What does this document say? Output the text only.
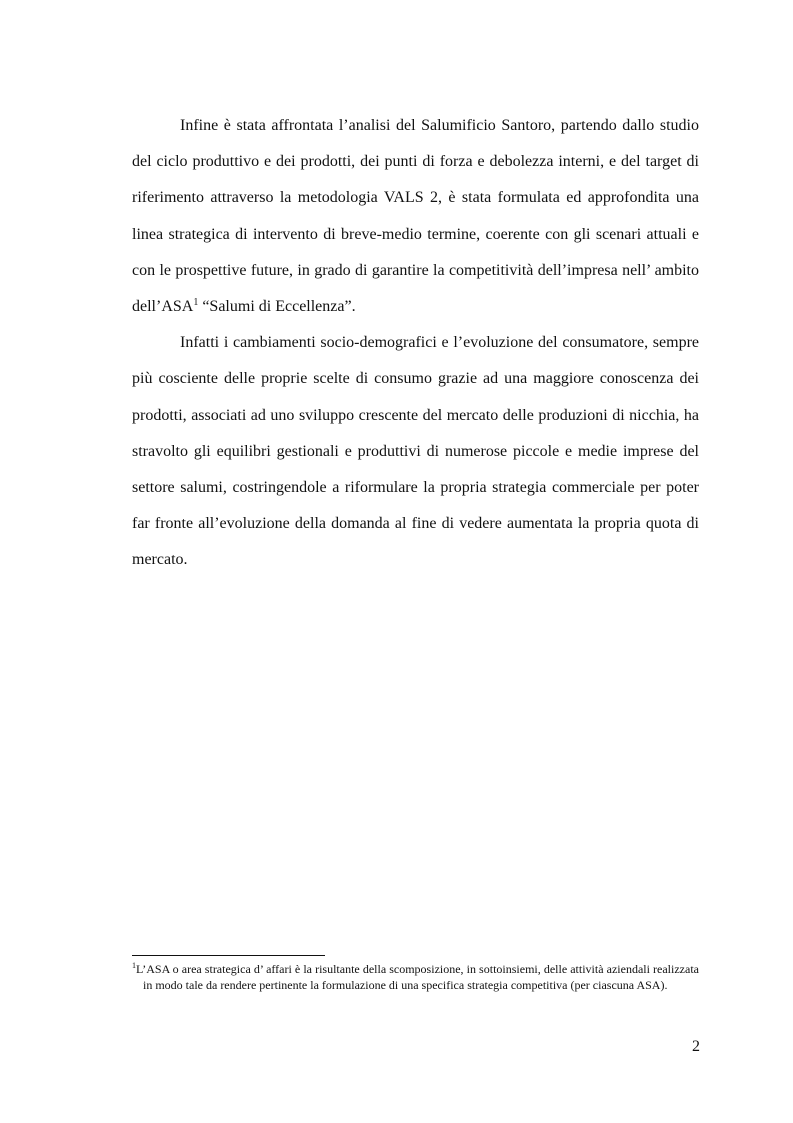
Infine è stata affrontata l’analisi del Salumificio Santoro, partendo dallo studio del ciclo produttivo e dei prodotti, dei punti di forza e debolezza interni, e del target di riferimento attraverso la metodologia VALS 2, è stata formulata ed approfondita una linea strategica di intervento di breve-medio termine, coerente con gli scenari attuali e con le prospettive future, in grado di garantire la competitività dell’impresa nell’ ambito dell’ASA$^1$ “Salumi di Eccellenza”.

Infatti i cambiamenti socio-demografici e l’evoluzione del consumatore, sempre più cosciente delle proprie scelte di consumo grazie ad una maggiore conoscenza dei prodotti, associati ad uno sviluppo crescente del mercato delle produzioni di nicchia, ha stravolto gli equilibri gestionali e produttivi di numerose piccole e medie imprese del settore salumi, costringendole a riformulare la propria strategia commerciale per poter far fronte all’evoluzione della domanda al fine di vedere aumentata la propria quota di mercato.

$^1$L’ASA o area strategica d’ affari è la risultante della scomposizione, in sottoinsiemi, delle attività aziendali realizzata in modo tale da rendere pertinente la formulazione di una specifica strategia competitiva (per ciascuna ASA).

2
